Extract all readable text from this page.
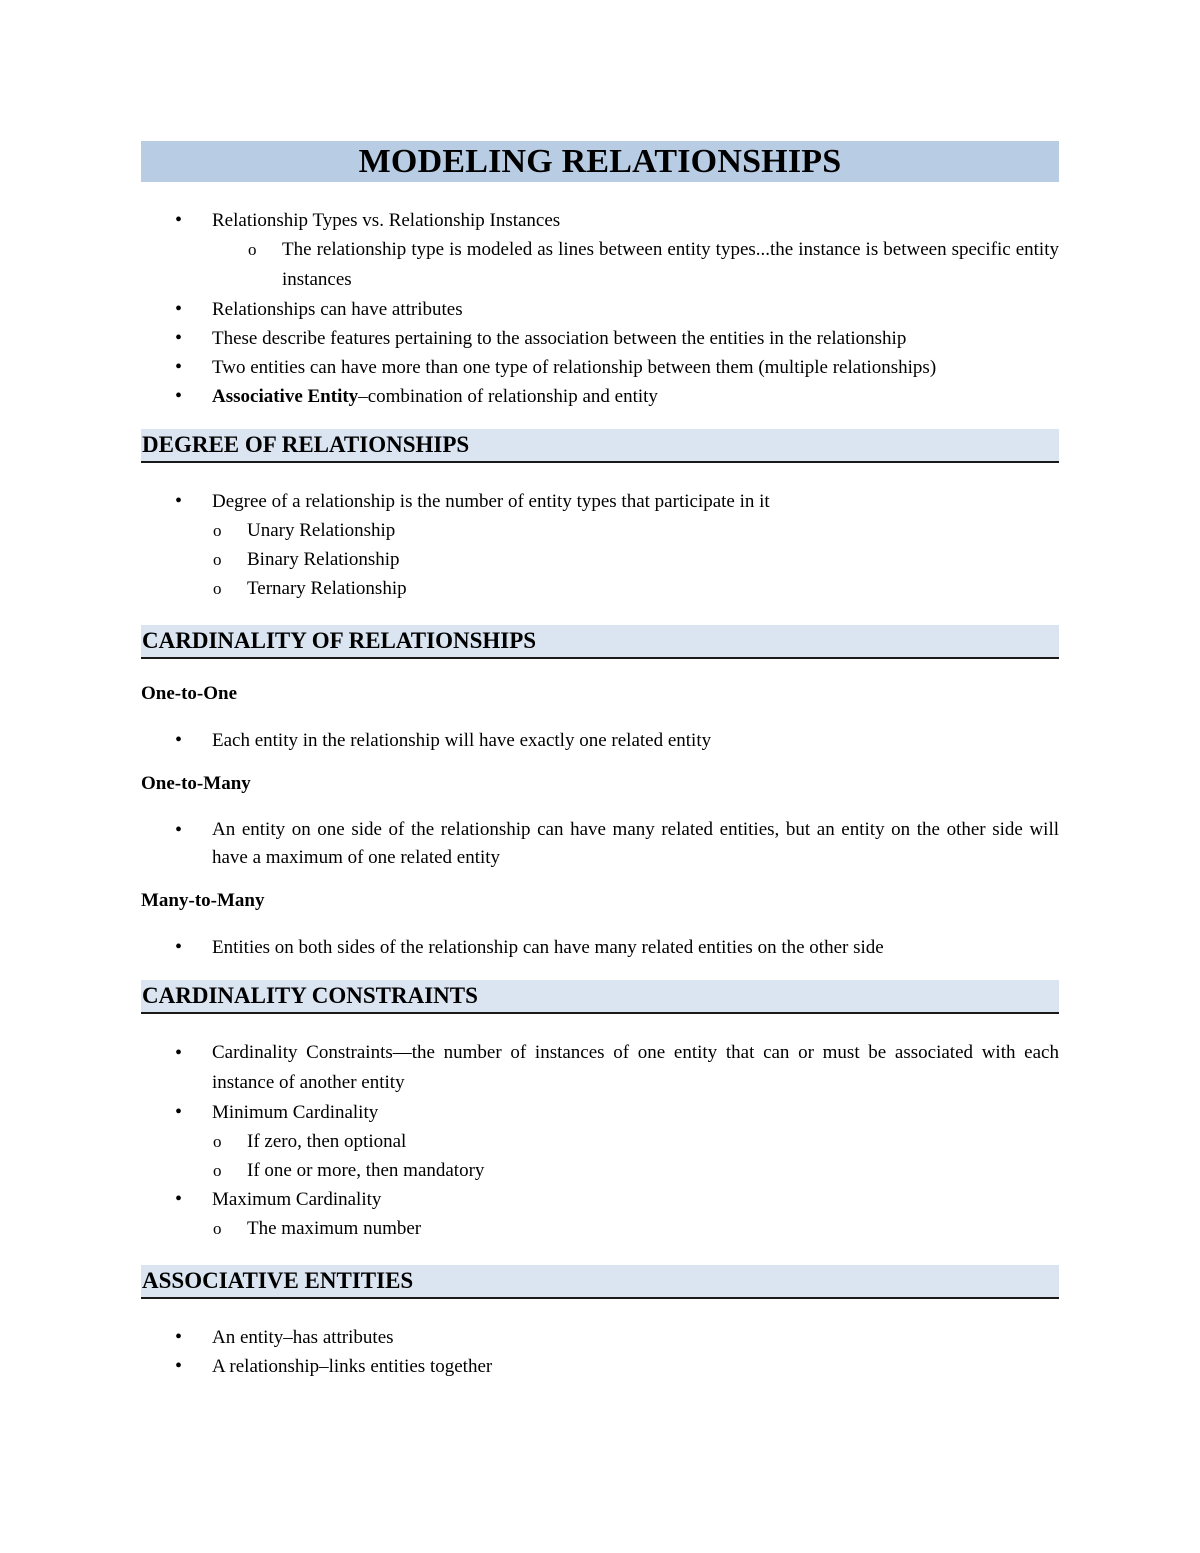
MODELING RELATIONSHIPS
• Relationship Types vs. Relationship Instances
o The relationship type is modeled as lines between entity types...the instance is between specific entity instances
• Relationships can have attributes
• These describe features pertaining to the association between the entities in the relationship
• Two entities can have more than one type of relationship between them (multiple relationships)
• Associative Entity–combination of relationship and entity
DEGREE OF RELATIONSHIPS
• Degree of a relationship is the number of entity types that participate in it
o Unary Relationship
o Binary Relationship
o Ternary Relationship
CARDINALITY OF RELATIONSHIPS
One-to-One
• Each entity in the relationship will have exactly one related entity
One-to-Many
• An entity on one side of the relationship can have many related entities, but an entity on the other side will have a maximum of one related entity
Many-to-Many
• Entities on both sides of the relationship can have many related entities on the other side
CARDINALITY CONSTRAINTS
• Cardinality Constraints—the number of instances of one entity that can or must be associated with each instance of another entity
• Minimum Cardinality
o If zero, then optional
o If one or more, then mandatory
• Maximum Cardinality
o The maximum number
ASSOCIATIVE ENTITIES
• An entity–has attributes
• A relationship–links entities together
